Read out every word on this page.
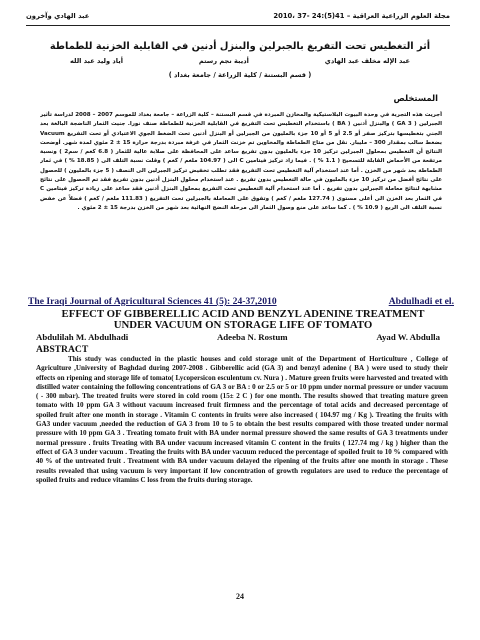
مجلة العلوم الزراعية العراقية – 41(5):24 -37 ،2010
عبد الهادي وآخرون
أثر التغطيس تحت التفريغ بالجبرلين والبنزل أدنين في القابلية الخزنية للطماطة
عبد الإله مخلف عبد الهادي
أديبة نجم رستم
أياد وليد عبد الله
( قسم البستنة / كلية الزراعة / جامعة بغداد )
المستخلص
أجريت هذه التجربة في وحدة البيوت البلاستيكية والمخازن المبردة في قسم البستنة – كلية الزراعة – جامعة بغداد للموسم 2007 – 2008 لدراسة تأثير الجبرلين ( GA 3 ) والبنزل أدنين ( BA ) باستخدام التغطيس تحت التفريغ في القابلية الخزنية للطماطة صنف نورا. جنيت الثمار الناضجة البالغة بعد الجني بتغطيسها بتركيز صفر أو 2.5 أو 5 أو 10 جزء بالمليون من الجبرلين أو البنزل أدنين تحت الضغط الجوي الاعتيادي أو تحت التفريغ Vacuum بضغط سالب بمقدار 300 – مليبار. نقل من متاح الطماطة والمخاوين تم خزنت الثمار في غرفة مبردة بدرجة حرارة 15 ± 2 مئوي لمدة شهر. أوضحت النتائج أن التغطيس بمحلول الجبرلين تركيز 10 جزء بالمليون بدون تفريغ ساعد على المحافظة على صلابة عالية للثمار ( 6.8 كغم / سم2 ) ونسبة مرتفعة من الأحماض القابلة للتسحيح ( 1.1 % ) . فيما زاد تركيز فيتامين C الى ( 104.97 ملغم / كغم ) وقلت نسبة التلف الى ( 18.85 % ) في ثمار الطماطة بعد شهر من الخزن . أما عند استخدام آلية التغطيس تحت التفريغ فقد تطلب تخفيض تركيز الجبرلين الى النصف ( 5 جزء بالمليون ) للحصول على نتائج أفضل من تركيز 10 جزء بالمليون في حالة التغطيس بدون تفريغ . عند استخدام محلول البنزل أدنين بدون تفريغ فقد تم الحصول على نتائج مشابهة لنتائج معاملة الجبرلين بدون تفريغ . أما عند استخدام آلية التغطيس تحت التفريغ بمحلول البنزل أدنين فقد ساعد على زيادة تركيز فيتامين C في الثمار بعد الخزن الى أعلى مستوى ( 127.74 ملغم / كغم ) وتفوق على المعاملة بالجبرلين تحت التفريغ ( 111.83 ملغم / كغم ) فضلاً عن خفض نسبة التلف الى الربع ( 10.9 % ) . كما ساعد على منع وصول الثمار الى مرحلة النضج النهائية بعد شهر من الخزن بدرجة 15 ± 2 مئوي .
The Iraqi Journal of Agricultural Sciences 41 (5): 24-37,2010	Abdulhadi et el.
EFFECT OF GIBBERELLIC ACID AND BENZYL ADENINE TREATMENT UNDER VACUUM ON STORAGE LIFE OF TOMATO
Abdulilah M. Abdulhadi	Adeeba N. Rostum	Ayad W. Abdulla
ABSTRACT
This study was conducted in the plastic houses and cold storage unit of the Department of Horticulture , College of Agriculture ,University of Baghdad during 2007-2008 . Gibberellic acid (GA 3) and benzyl adenine ( BA ) were used to study their effects on ripening and storage life of tomato( Lycopersicon esculentum cv. Nura ) . Mature green fruits were harvested and treated with distilled water containing the following concentrations of GA 3 or BA : 0 or 2.5 or 5 or 10 ppm under normal pressure or under vacuum ( - 300 mbar). The treated fruits were stored in cold room (15± 2 C ) for one month. The results showed that treating mature green tomato with 10 ppm GA 3 without vacuum increased fruit firmness and the percentage of total acids and decreased percentage of spoiled fruit after one month in storage . Vitamin C contents in fruits were also increased ( 104.97 mg / Kg ). Treating the fruits with GA3 under vacuum ,needed the reduction of GA 3 from 10 to 5 to obtain the best results compared with those treated under normal pressure with 10 ppm GA 3 . Treating tomato fruit with BA under normal pressure showed the same results of GA 3 treatments under normal pressure . fruits Treating with BA under vacuum increased vitamin C content in the fruits ( 127.74 mg / kg ) higher than the effect of GA 3 under vacuum . Treating the fruits with BA under vacuum reduced the percentage of spoiled fruit to 10 % compared with 40 % of the untreated fruit . Treatment with BA under vacuum delayed the ripening of the fruits after one month in storage . These results revealed that using vacuum is very important if low concentration of growth regulators are used to reduce the percentage of spoiled fruits and reduce vitamins C loss from the fruits during storage.
24
